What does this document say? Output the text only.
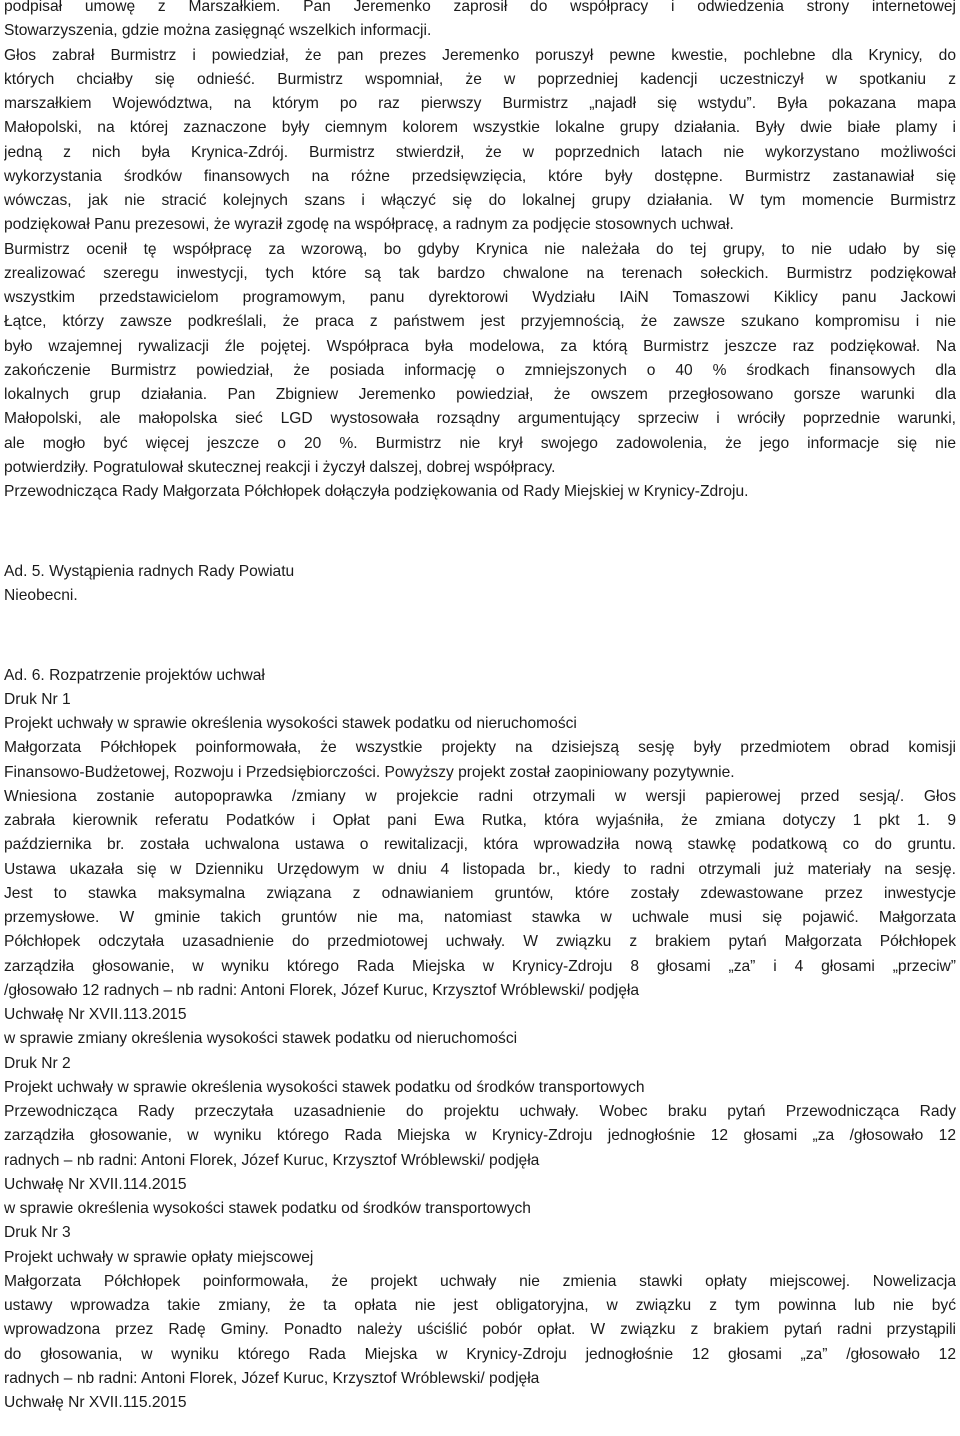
podpisał umowę z Marszałkiem. Pan Jeremenko zaprosił do współpracy i odwiedzenia strony internetowej

Stowarzyszenia, gdzie można zasięgnąć wszelkich informacji.

Głos zabrał Burmistrz i powiedział, że pan prezes Jeremenko poruszył pewne kwestie, pochlebne dla Krynicy, do

których chciałby się odnieść. Burmistrz wspomniał, że w poprzedniej kadencji uczestniczył w spotkaniu z

marszałkiem Województwa, na którym po raz pierwszy Burmistrz „najadł się wstydu”. Była pokazana mapa

Małopolski, na której zaznaczone były ciemnym kolorem wszystkie lokalne grupy działania. Były dwie białe plamy i

jedną z nich była Krynica-Zdrój. Burmistrz stwierdził, że w poprzednich latach nie wykorzystano możliwości

wykorzystania środków finansowych na różne przedsięwzięcia, które były dostępne. Burmistrz zastanawiał się

wówczas, jak nie stracić kolejnych szans i włączyć się do lokalnej grupy działania. W tym momencie Burmistrz

podziękował Panu prezesowi, że wyraził zgodę na współpracę, a radnym za podjęcie stosownych uchwał.

Burmistrz ocenił tę współpracę za wzorową, bo gdyby Krynica nie należała do tej grupy, to nie udało by się

zrealizować szeregu inwestycji, tych które są tak bardzo chwalone na terenach sołeckich. Burmistrz podziękował

wszystkim przedstawicielom programowym, panu dyrektorowi Wydziału IAiN Tomaszowi Kiklicy panu Jackowi

Łątce, którzy zawsze podkreślali, że praca z państwem jest przyjemnością, że zawsze szukano kompromisu i nie

było wzajemnej rywalizacji źle pojętej. Współpraca była modelowa, za którą Burmistrz jeszcze raz podziękował. Na

zakończenie Burmistrz powiedział, że posiada informację o zmniejszonych o 40 % środkach finansowych dla

lokalnych grup działania. Pan Zbigniew Jeremenko powiedział, że owszem przegłosowano gorsze warunki dla

Małopolski, ale małopolska sieć LGD wystosowała rozsądny argumentujący sprzeciw i wróciły poprzednie warunki,

ale mogło być więcej jeszcze o 20 %. Burmistrz nie krył swojego zadowolenia, że jego informacje się nie

potwierdziły. Pogratulował skutecznej reakcji i życzył dalszej, dobrej współpracy.

Przewodnicząca Rady Małgorzata Półchłopek dołączyła podziękowania od Rady Miejskiej w Krynicy-Zdroju.

Ad. 5. Wystąpienia radnych Rady Powiatu

Nieobecni.

Ad. 6. Rozpatrzenie projektów uchwał

Druk Nr 1

Projekt uchwały w sprawie określenia wysokości stawek podatku od nieruchomości

Małgorzata Półchłopek poinformowała, że wszystkie projekty na dzisiejszą sesję były przedmiotem obrad komisji

Finansowo-Budżetowej, Rozwoju i Przedsiębiorczości. Powyższy projekt został zaopiniowany pozytywnie.

Wniesiona zostanie autopoprawka /zmiany w projekcie radni otrzymali w wersji papierowej przed sesją/. Głos

zabrała kierownik referatu Podatków i Opłat pani Ewa Rutka, która wyjaśniła, że zmiana dotyczy 1 pkt 1. 9

października br. została uchwalona ustawa o rewitalizacji, która wprowadziła nową stawkę podatkową co do gruntu.

Ustawa ukazała się w Dzienniku Urzędowym w dniu 4 listopada br., kiedy to radni otrzymali już materiały na sesję.

Jest to stawka maksymalna związana z odnawianiem gruntów, które zostały zdewastowane przez inwestycje

przemysłowe. W gminie takich gruntów nie ma, natomiast stawka w uchwale musi się pojawić. Małgorzata

Półchłopek odczytała uzasadnienie do przedmiotowej uchwały. W związku z brakiem pytań Małgorzata Półchłopek

zarządziła głosowanie, w wyniku którego Rada Miejska w Krynicy-Zdroju 8 głosami „za” i 4 głosami „przeciw”

/głosowało 12 radnych – nb radni: Antoni Florek, Józef Kuruc, Krzysztof Wróblewski/ podjęła

Uchwałę Nr XVII.113.2015

w sprawie zmiany określenia wysokości stawek podatku od nieruchomości

Druk Nr 2

Projekt uchwały w sprawie określenia wysokości stawek podatku od środków transportowych

Przewodnicząca Rady przeczytała uzasadnienie do projektu uchwały. Wobec braku pytań Przewodnicząca Rady

zarządziła głosowanie, w wyniku którego Rada Miejska w Krynicy-Zdroju jednogłośnie 12 głosami „za /głosowało 12

radnych – nb radni: Antoni Florek, Józef Kuruc, Krzysztof Wróblewski/ podjęła

Uchwałę Nr XVII.114.2015

w sprawie określenia wysokości stawek podatku od środków transportowych

Druk Nr 3

Projekt uchwały w sprawie opłaty miejscowej

Małgorzata Półchłopek poinformowała, że projekt uchwały nie zmienia stawki opłaty miejscowej. Nowelizacja

ustawy wprowadza takie zmiany, że ta opłata nie jest obligatoryjna, w związku z tym powinna lub nie być

wprowadzona przez Radę Gminy. Ponadto należy uściślić pobór opłat. W związku z brakiem pytań radni przystąpili

do głosowania, w wyniku którego Rada Miejska w Krynicy-Zdroju jednogłośnie 12 głosami „za” /głosowało 12

radnych – nb radni: Antoni Florek, Józef Kuruc, Krzysztof Wróblewski/ podjęła

Uchwałę Nr XVII.115.2015
